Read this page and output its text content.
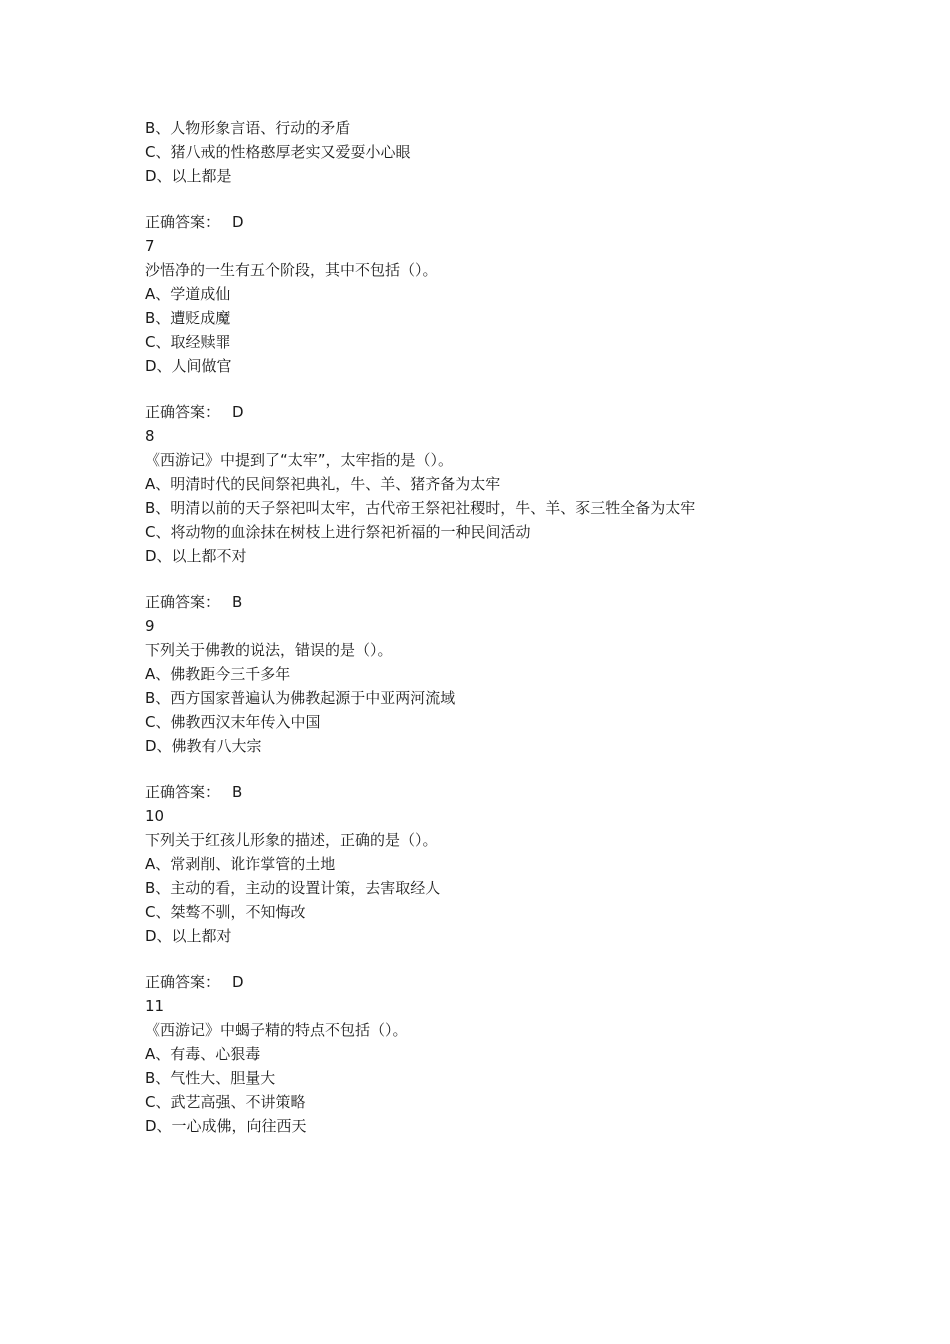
B、人物形象言语、行动的矛盾
C、猪八戒的性格憨厚老实又爱耍小心眼
D、以上都是
正确答案： D
7
沙悟净的一生有五个阶段，其中不包括（）。
A、学道成仙
B、遭贬成魔
C、取经赎罪
D、人间做官
正确答案： D
8
《西游记》中提到了“太牢”，太牢指的是（）。
A、明清时代的民间祭祀典礼，牛、羊、猪齐备为太牢
B、明清以前的天子祭祀叫太牢，古代帝王祭祀社稷时，牛、羊、豕三牲全备为太牢
C、将动物的血涂抹在树枝上进行祭祀祈福的一种民间活动
D、以上都不对
正确答案： B
9
下列关于佛教的说法，错误的是（）。
A、佛教距今三千多年
B、西方国家普遍认为佛教起源于中亚两河流域
C、佛教西汉末年传入中国
D、佛教有八大宗
正确答案： B
10
下列关于红孩儿形象的描述，正确的是（）。
A、常剥削、讹诈掌管的土地
B、主动的看，主动的设置计策，去害取经人
C、桀骜不驯，不知悔改
D、以上都对
正确答案： D
11
《西游记》中蝎子精的特点不包括（）。
A、有毒、心狠毒
B、气性大、胆量大
C、武艺高强、不讲策略
D、一心成佛，向往西天
